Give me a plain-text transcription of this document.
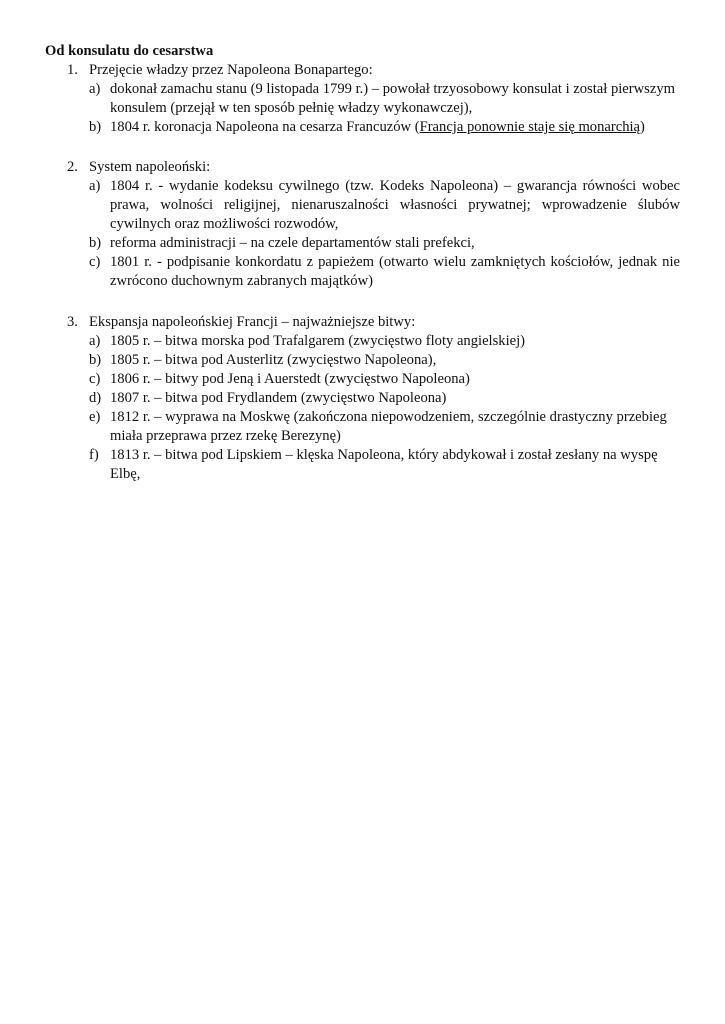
Od konsulatu do cesarstwa
1. Przejęcie władzy przez Napoleona Bonapartego:
a) dokonał zamachu stanu (9 listopada 1799 r.) – powołał trzyosobowy konsulat i został pierwszym konsulem (przejął w ten sposób pełnię władzy wykonawczej),
b) 1804 r. koronacja Napoleona na cesarza Francuzów (Francja ponownie staje się monarchią)
2. System napoleoński:
a) 1804 r. - wydanie kodeksu cywilnego (tzw. Kodeks Napoleona) – gwarancja równości wobec prawa, wolności religijnej, nienaruszalności własności prywatnej; wprowadzenie ślubów cywilnych oraz możliwości rozwodów,
b) reforma administracji – na czele departamentów stali prefekci,
c) 1801 r. - podpisanie konkordatu z papieżem (otwarto wielu zamkniętych kościołów, jednak nie zwrócono duchownym zabranych majątków)
3. Ekspansja napoleońskiej Francji – najważniejsze bitwy:
a) 1805 r. – bitwa morska pod Trafalgarem (zwycięstwo floty angielskiej)
b) 1805 r. – bitwa pod Austerlitz (zwycięstwo Napoleona),
c) 1806 r. – bitwy pod Jeną i Auerstedt (zwycięstwo Napoleona)
d) 1807 r. – bitwa pod Frydlandem (zwycięstwo Napoleona)
e) 1812 r. – wyprawa na Moskwę (zakończona niepowodzeniem, szczególnie drastyczny przebieg miała przeprawa przez rzekę Berezynę)
f) 1813 r. – bitwa pod Lipskiem – klęska Napoleona, który abdykował i został zesłany na wyspę Elbę,
